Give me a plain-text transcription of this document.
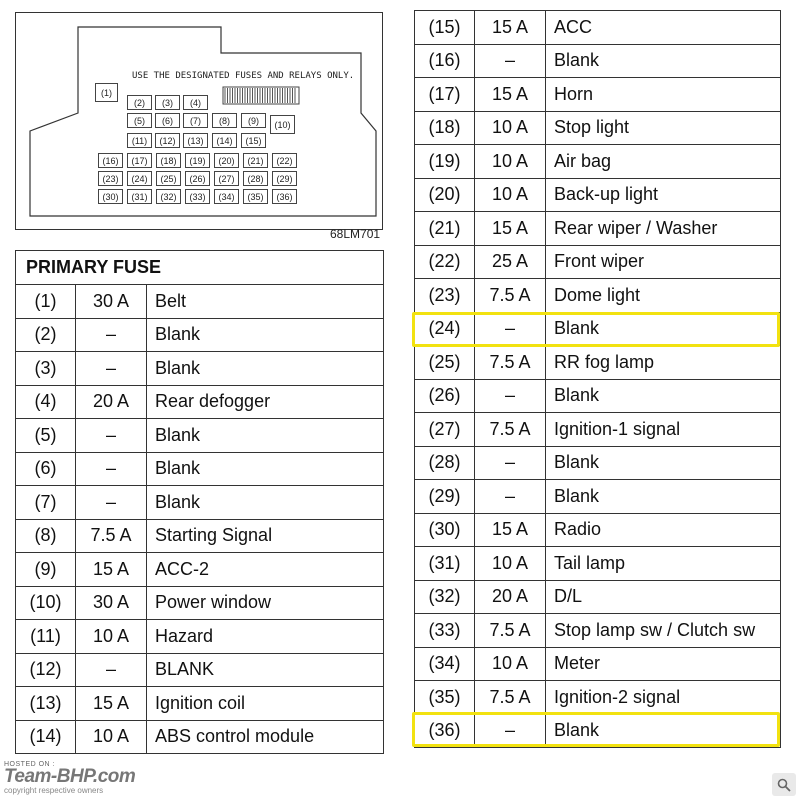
USE THE DESIGNATED FUSES AND RELAYS ONLY.
(1)
(2)	(3)	(4)
(5)	(6)	(7)	(8)	(9)	(10)
(11)	(12)	(13)	(14)	(15)
(16)	(17)	(18)	(19)	(20)	(21)	(22)
(23)	(24)	(25)	(26)	(27)	(28)	(29)
(30)	(31)	(32)	(33)	(34)	(35)	(36)
68LM701
PRIMARY FUSE		
(1)	30 A	Belt
(2)	–	Blank
(3)	–	Blank
(4)	20 A	Rear defogger
(5)	–	Blank
(6)	–	Blank
(7)	–	Blank
(8)	7.5 A	Starting Signal
(9)	15 A	ACC-2
(10)	30 A	Power window
(11)	10 A	Hazard
(12)	–	BLANK
(13)	15 A	Ignition coil
(14)	10 A	ABS control module
(15)	15 A	ACC
(16)	–	Blank
(17)	15 A	Horn
(18)	10 A	Stop light
(19)	10 A	Air bag
(20)	10 A	Back-up light
(21)	15 A	Rear wiper / Washer
(22)	25 A	Front wiper
(23)	7.5 A	Dome light
(24)	–	Blank
(25)	7.5 A	RR fog lamp
(26)	–	Blank
(27)	7.5 A	Ignition-1 signal
(28)	–	Blank
(29)	–	Blank
(30)	15 A	Radio
(31)	10 A	Tail lamp
(32)	20 A	D/L
(33)	7.5 A	Stop lamp sw / Clutch sw
(34)	10 A	Meter
(35)	7.5 A	Ignition-2 signal
(36)	–	Blank
HOSTED ON :
Team-BHP.com
copyright respective owners
